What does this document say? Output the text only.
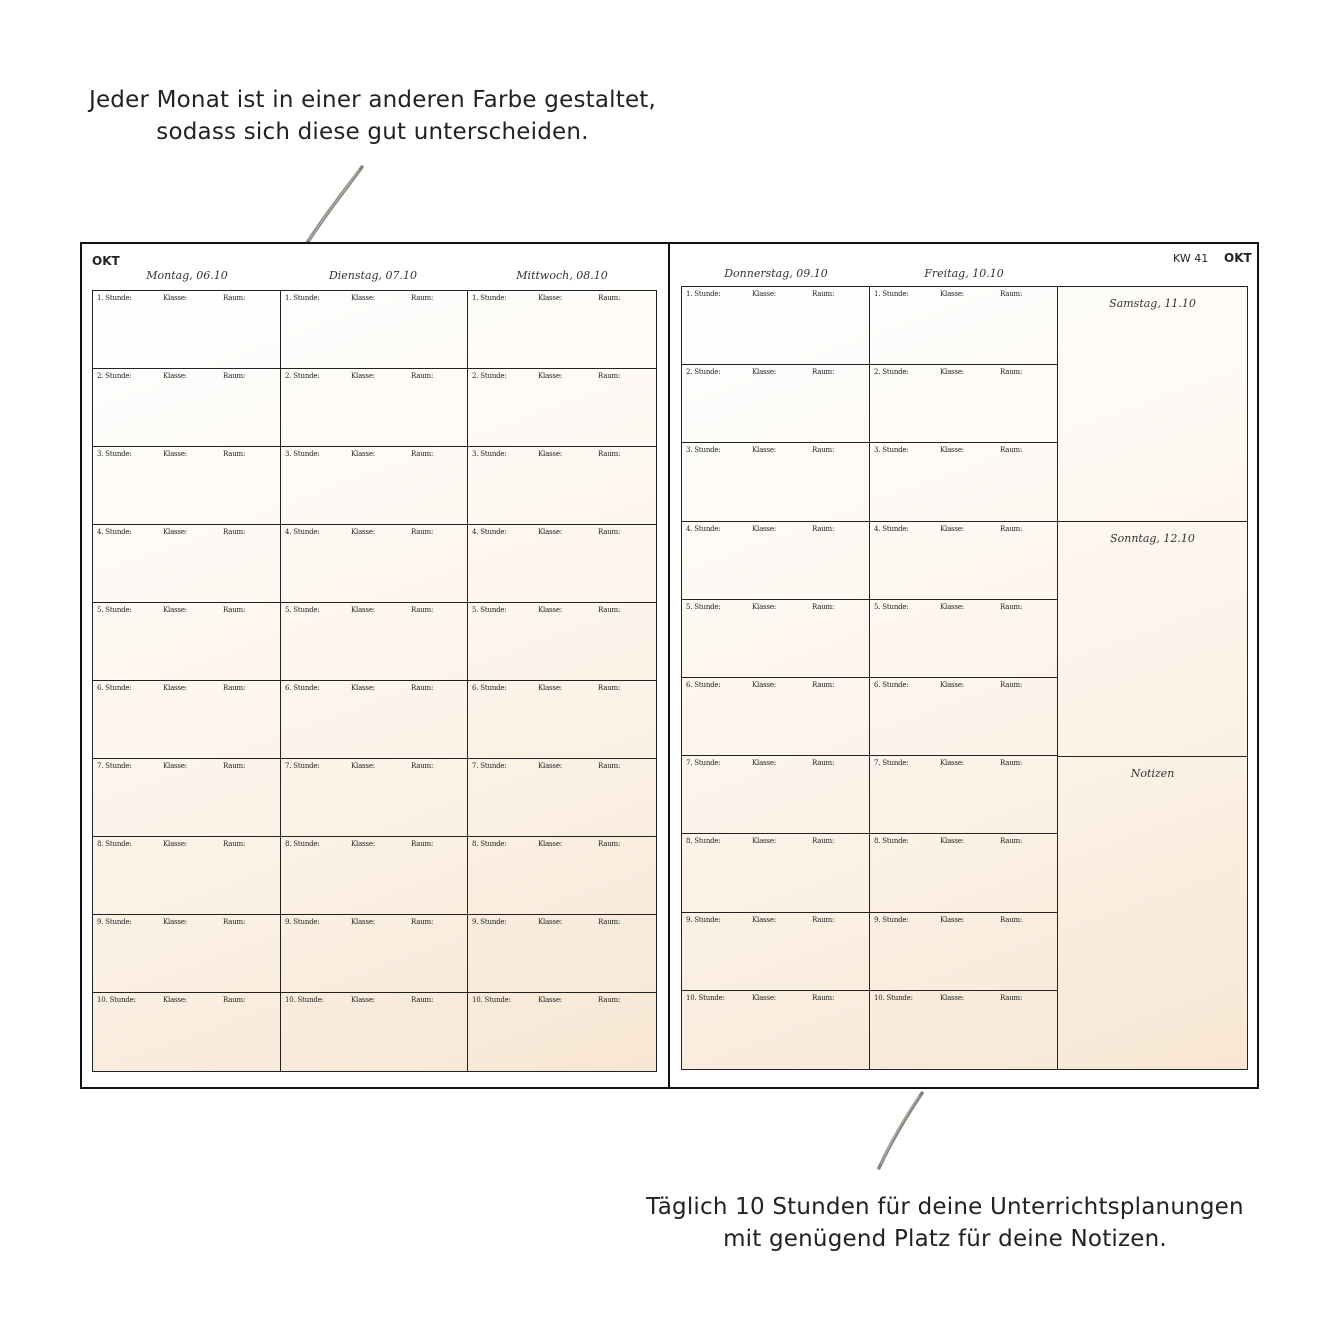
Jeder Monat ist in einer anderen Farbe gestaltet,
sodass sich diese gut unterscheiden.
Täglich 10 Stunden für deine Unterrichtsplanungen
mit genügend Platz für deine Notizen.
OKT
Montag, 06.10	Dienstag, 07.10	Mittwoch, 08.10
1. Stunde:	Klasse:	Raum:
2. Stunde:	Klasse:	Raum:
3. Stunde:	Klasse:	Raum:
4. Stunde:	Klasse:	Raum:
5. Stunde:	Klasse:	Raum:
6. Stunde:	Klasse:	Raum:
7. Stunde:	Klasse:	Raum:
8. Stunde:	Klasse:	Raum:
9. Stunde:	Klasse:	Raum:
10. Stunde:	Klasse:	Raum:
1. Stunde:	Klasse:	Raum:
2. Stunde:	Klasse:	Raum:
3. Stunde:	Klasse:	Raum:
4. Stunde:	Klasse:	Raum:
5. Stunde:	Klasse:	Raum:
6. Stunde:	Klasse:	Raum:
7. Stunde:	Klasse:	Raum:
8. Stunde:	Klasse:	Raum:
9. Stunde:	Klasse:	Raum:
10. Stunde:	Klasse:	Raum:
1. Stunde:	Klasse:	Raum:
2. Stunde:	Klasse:	Raum:
3. Stunde:	Klasse:	Raum:
4. Stunde:	Klasse:	Raum:
5. Stunde:	Klasse:	Raum:
6. Stunde:	Klasse:	Raum:
7. Stunde:	Klasse:	Raum:
8. Stunde:	Klasse:	Raum:
9. Stunde:	Klasse:	Raum:
10. Stunde:	Klasse:	Raum:
KW 41 OKT
Donnerstag, 09.10	Freitag, 10.10
1. Stunde:	Klasse:	Raum:
2. Stunde:	Klasse:	Raum:
3. Stunde:	Klasse:	Raum:
4. Stunde:	Klasse:	Raum:
5. Stunde:	Klasse:	Raum:
6. Stunde:	Klasse:	Raum:
7. Stunde:	Klasse:	Raum:
8. Stunde:	Klasse:	Raum:
9. Stunde:	Klasse:	Raum:
10. Stunde:	Klasse:	Raum:
1. Stunde:	Klasse:	Raum:
2. Stunde:	Klasse:	Raum:
3. Stunde:	Klasse:	Raum:
4. Stunde:	Klasse:	Raum:
5. Stunde:	Klasse:	Raum:
6. Stunde:	Klasse:	Raum:
7. Stunde:	Klasse:	Raum:
8. Stunde:	Klasse:	Raum:
9. Stunde:	Klasse:	Raum:
10. Stunde:	Klasse:	Raum:
Samstag, 11.10
Sonntag, 12.10
Notizen
